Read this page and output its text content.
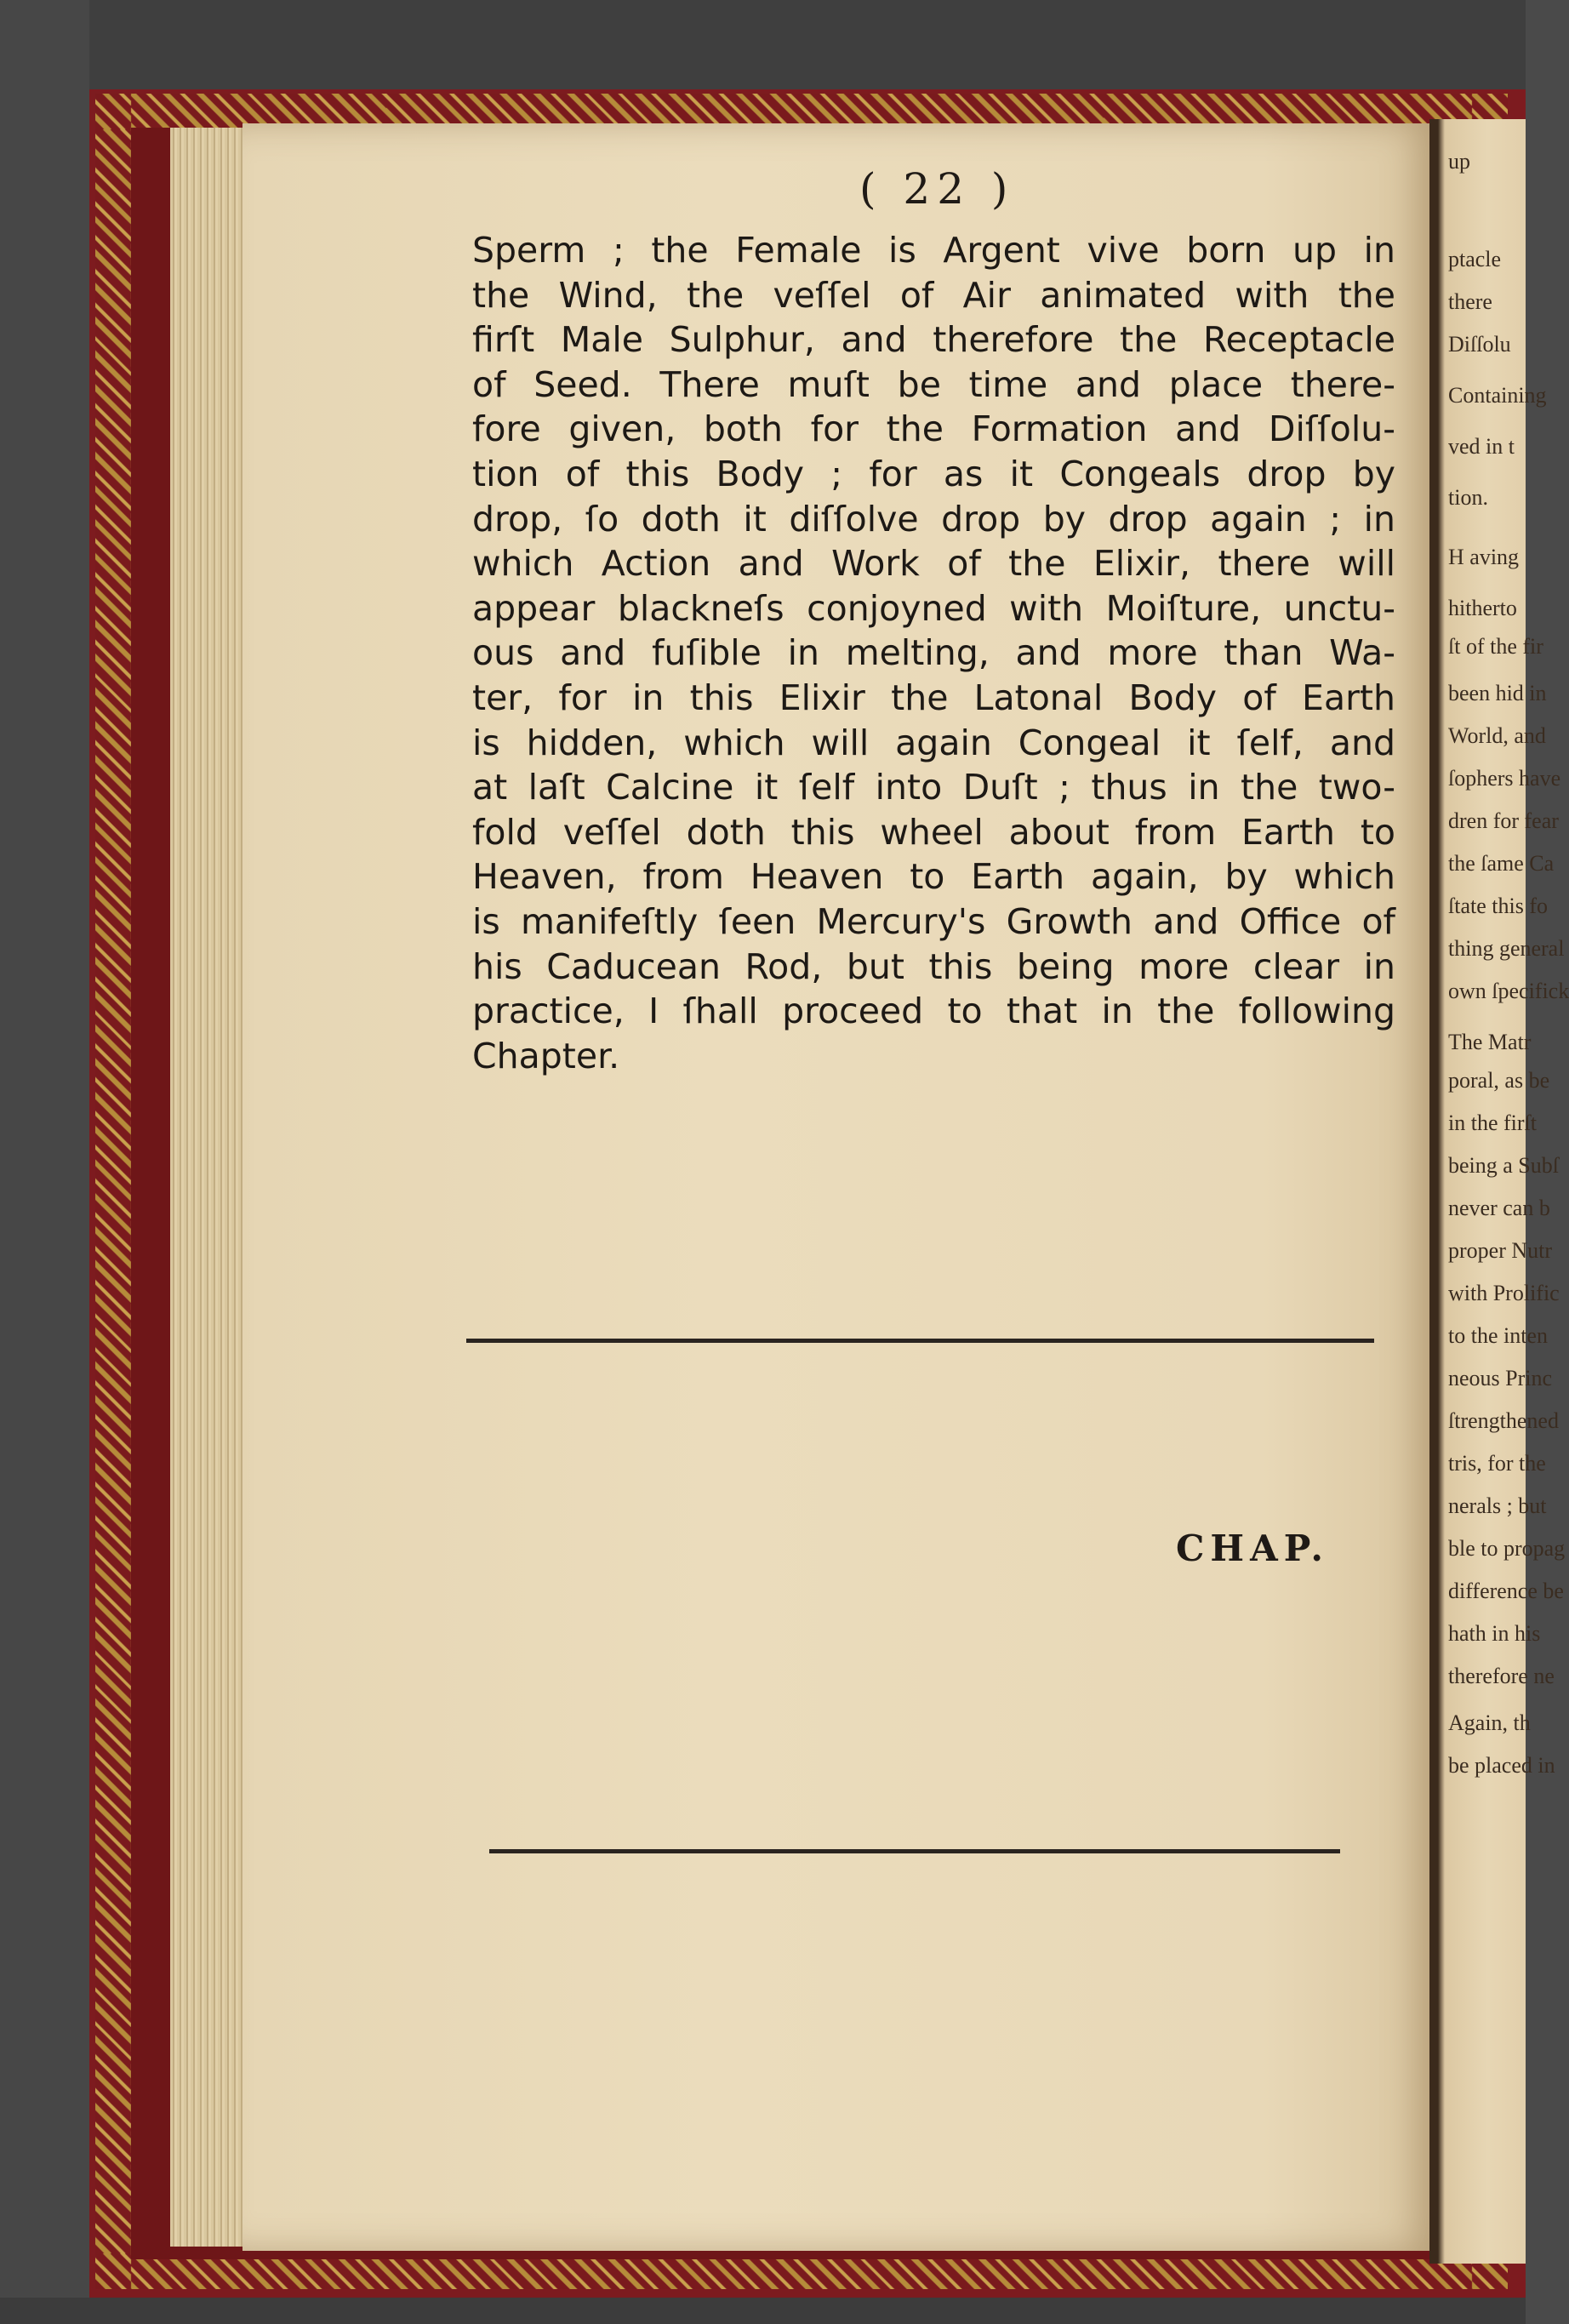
( 22 )
Sperm ; the Female is Argent vive born up in
the Wind, the veſſel of Air animated with the
firſt Male Sulphur, and therefore the Receptacle
of Seed. There muſt be time and place there-
fore given, both for the Formation and Diſſolu-
tion of this Body ; for as it Congeals drop by
drop, ſo doth it diſſolve drop by drop again ; in
which Action and Work of the Elixir, there will
appear blackneſs conjoyned with Moiſture, unctu-
ous and fuſible in melting, and more than Wa-
ter, for in this Elixir the Latonal Body of Earth
is hidden, which will again Congeal it ſelf, and
at laſt Calcine it ſelf into Duſt ; thus in the two-
fold veſſel doth this wheel about from Earth to
Heaven, from Heaven to Earth again, by which
is manifeſtly ſeen Mercury's Growth and Office of
his Caducean Rod, but this being more clear in
practice, I ſhall proceed to that in the following
Chapter.
CHAP.
up
ptacle
there
Diſſolu
Containing
ved in t
tion.
H aving
hitherto
ſt of the fir
been hid in
World, and
ſophers have
dren for fear
the ſame Ca
ſtate this fo
thing general
own ſpecifick
The Matr
poral, as be
in the firſt
being a Subſ
never can b
proper Nutr
with Prolific
to the inten
neous Princ
ſtrengthened
tris, for the
nerals ; but
ble to propag
difference be
hath in his
therefore ne
Again, th
be placed in
